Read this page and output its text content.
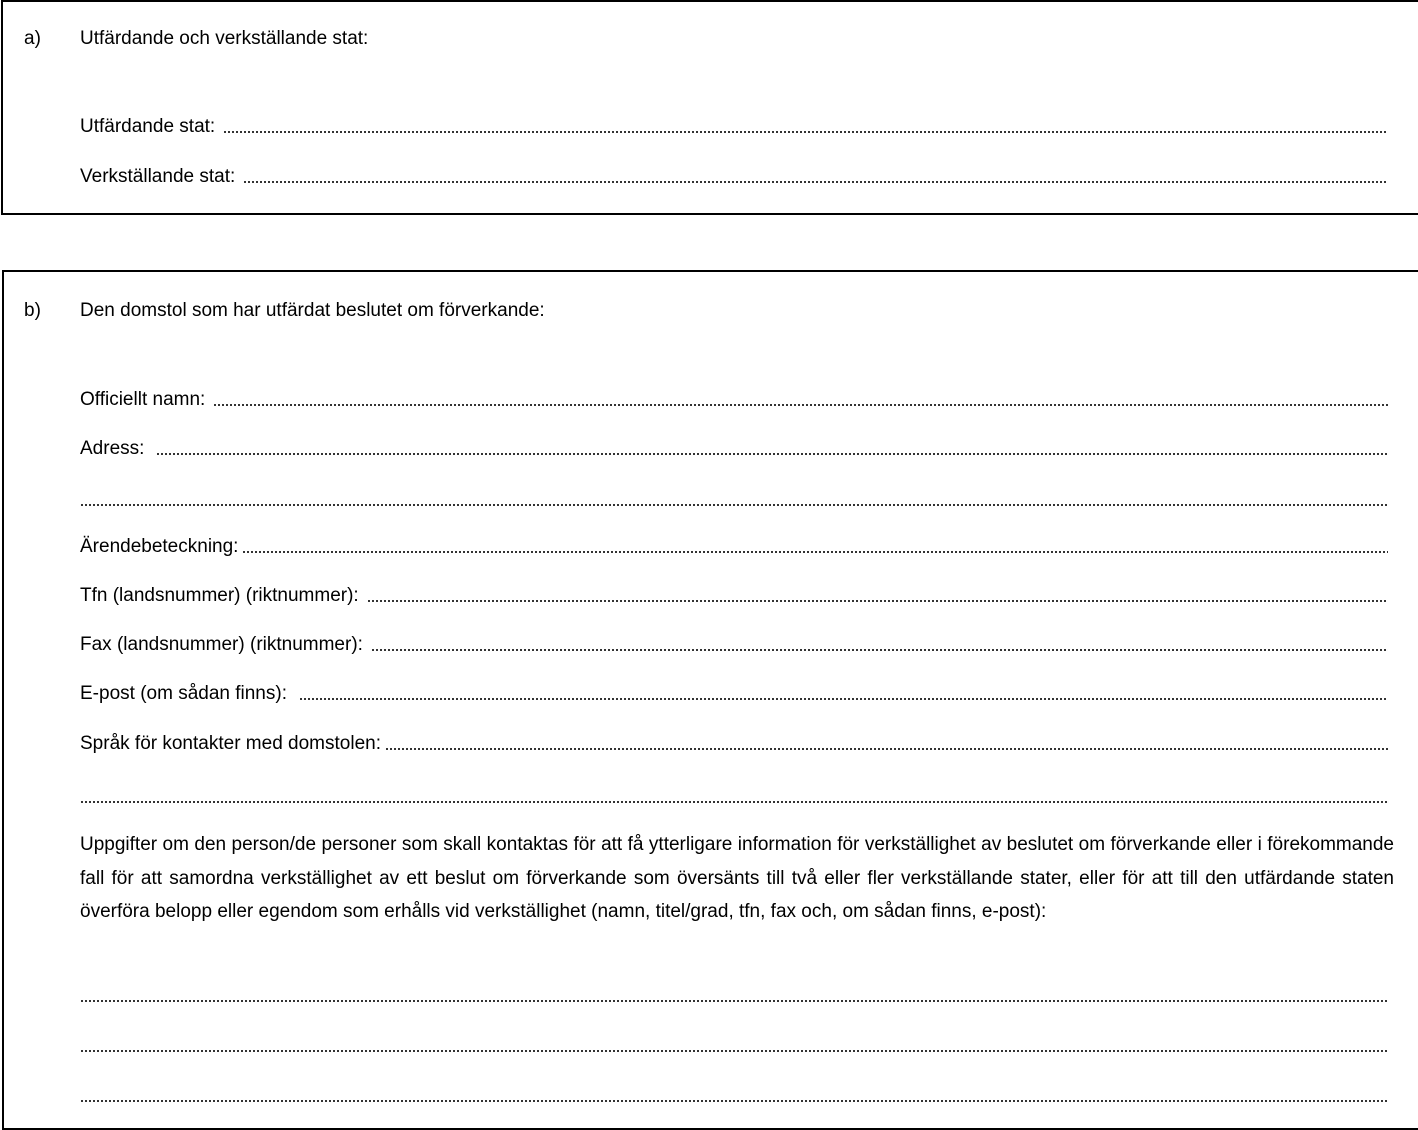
a) Utfärdande och verkställande stat:
Utfärdande stat:
Verkställande stat:
b) Den domstol som har utfärdat beslutet om förverkande:
Officiellt namn:
Adress:
Ärendebeteckning:
Tfn (landsnummer) (riktnummer):
Fax (landsnummer) (riktnummer):
E-post (om sådan finns):
Språk för kontakter med domstolen:
Uppgifter om den person/de personer som skall kontaktas för att få ytterligare information för verkställighet av beslutet om förverkande eller i förekommande fall för att samordna verkställighet av ett beslut om förverkande som översänts till två eller fler verkställande stater, eller för att till den utfärdande staten överföra belopp eller egendom som erhålls vid verkställighet (namn, titel/grad, tfn, fax och, om sådan finns, e-post):
